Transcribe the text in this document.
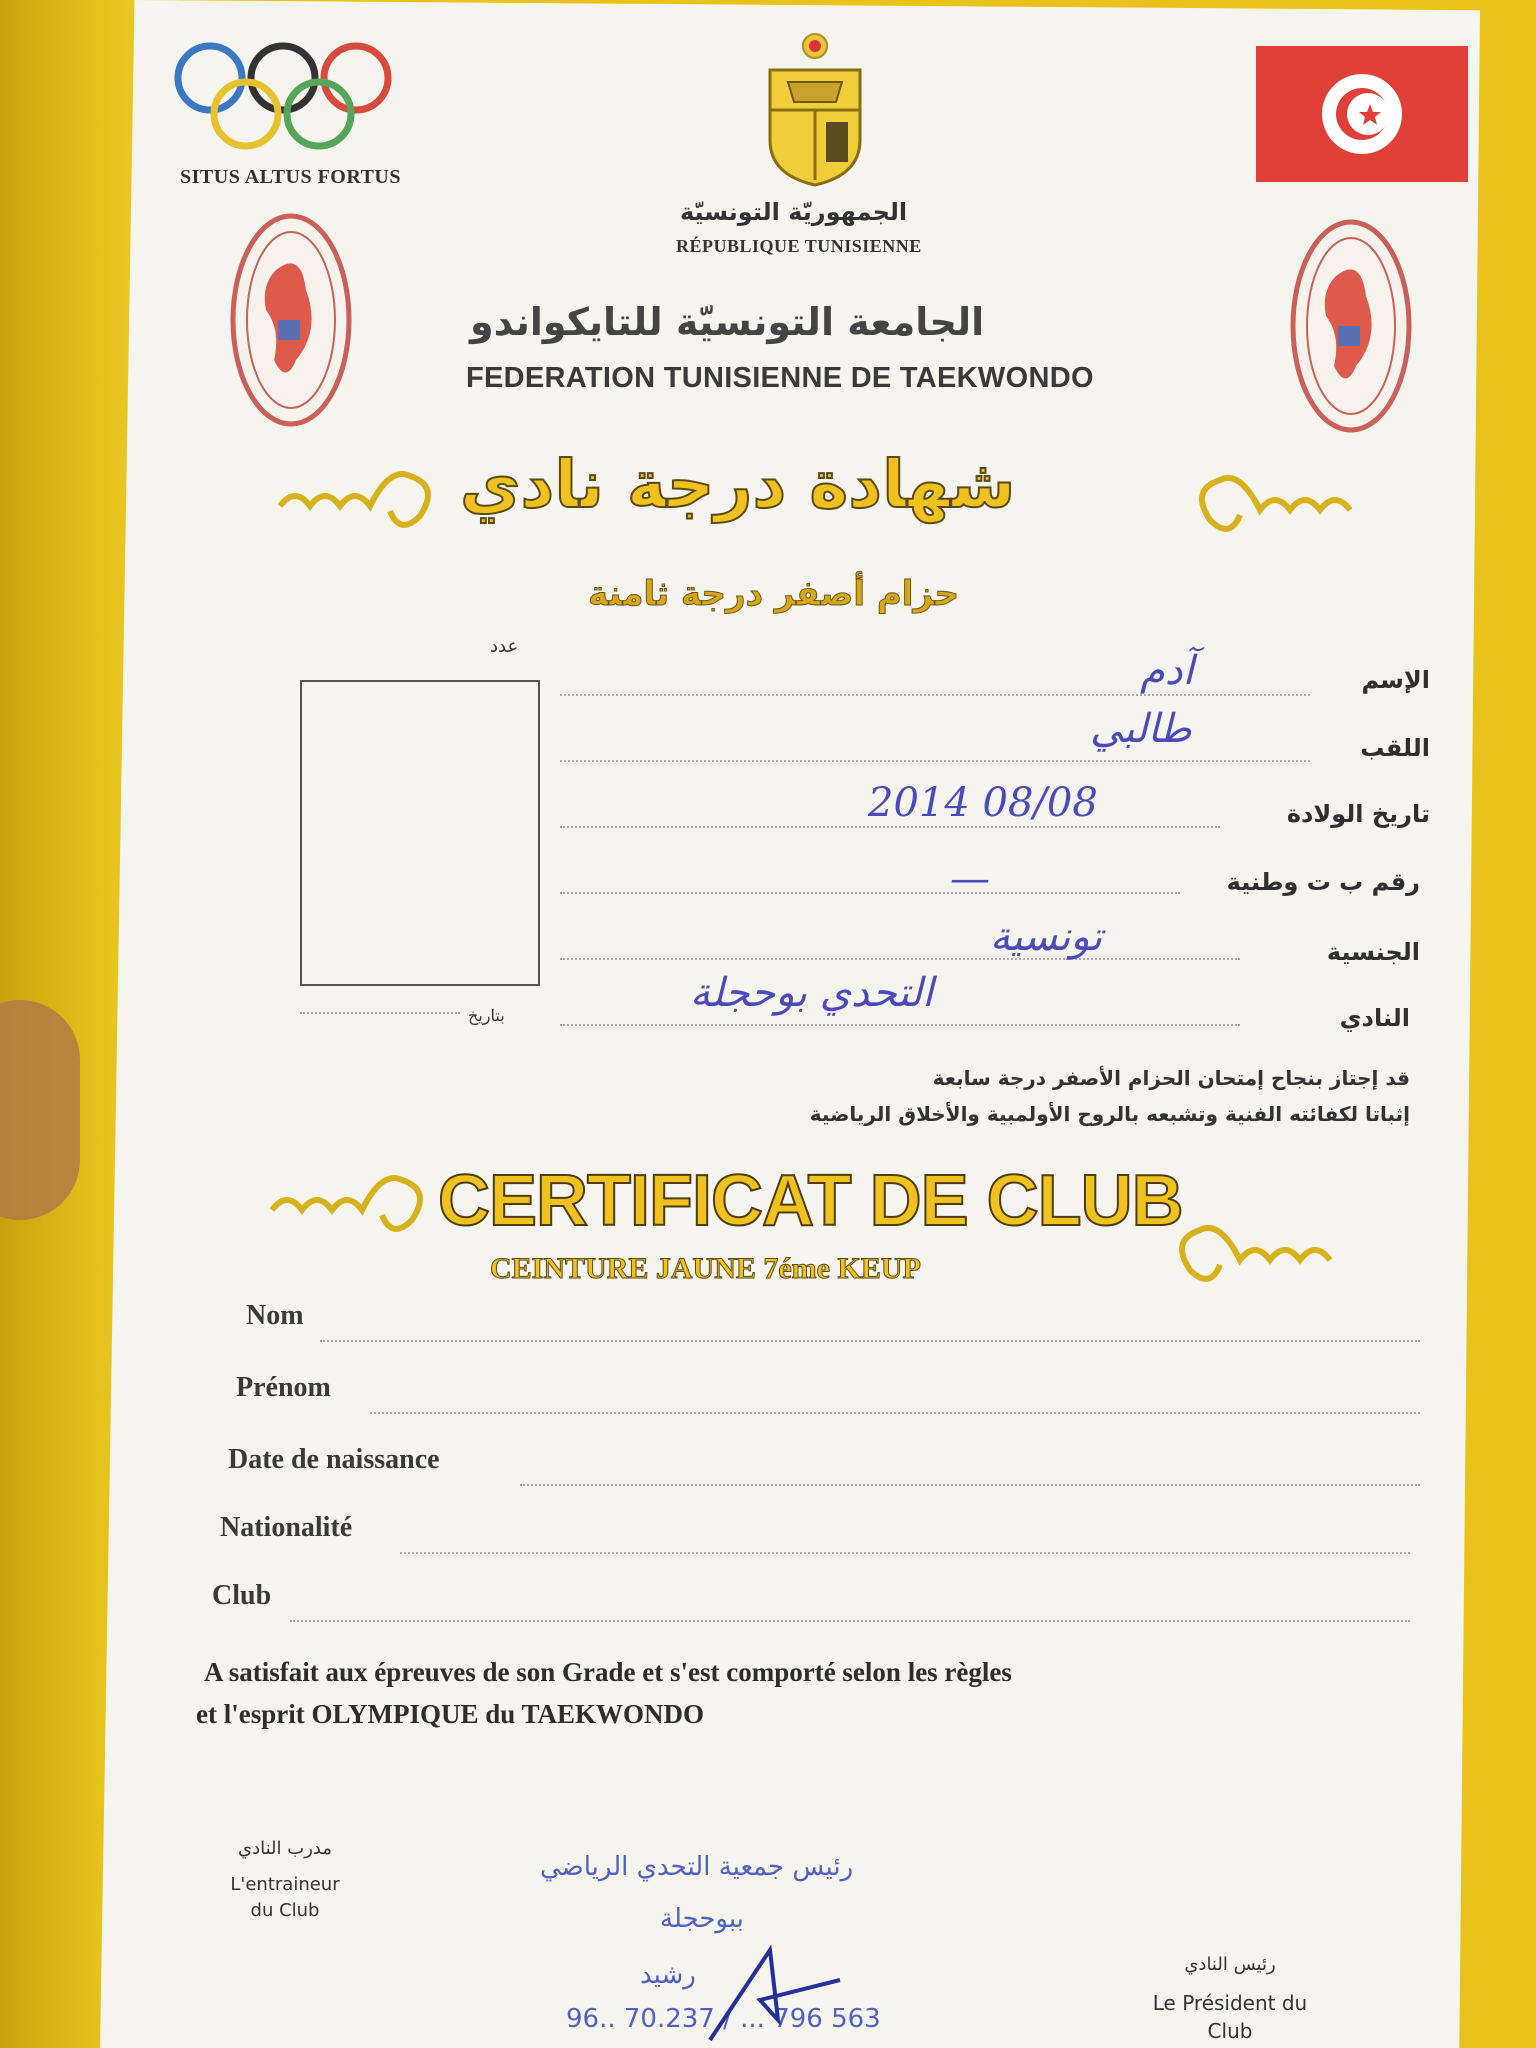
SITUS ALTUS FORTUS
الجمهوريّة التونسيّة
RÉPUBLIQUE TUNISIENNE
الجامعة التونسيّة للتايكواندو
FEDERATION TUNISIENNE DE TAEKWONDO
شهادة درجة نادي
حزام أصفر درجة ثامنة
عدد
بتاريخ
الإسم
آدم
اللقب
طالبي
تاريخ الولادة
2014 08/08
رقم ب ت وطنية
—
الجنسية
تونسية
النادي
التحدي بوحجلة
قد إجتاز بنجاح إمتحان الحزام الأصفر درجة سابعة
إثباتا لكفائته الفنية وتشبعه بالروح الأولمبية والأخلاق الرياضية
CERTIFICAT DE CLUB
CEINTURE JAUNE 7éme KEUP
Nom
Prénom
Date de naissance
Nationalité
Club
A satisfait aux épreuves de son Grade et s'est comporté selon les règles
et l'esprit OLYMPIQUE du TAEKWONDO
مدرب النادي
L'entraineur
du Club
رئيس جمعية التحدي الرياضي
ببوحجلة
رشيد
96.. 70.237 / ... 796 563
رئيس النادي
Le Président du
Club
